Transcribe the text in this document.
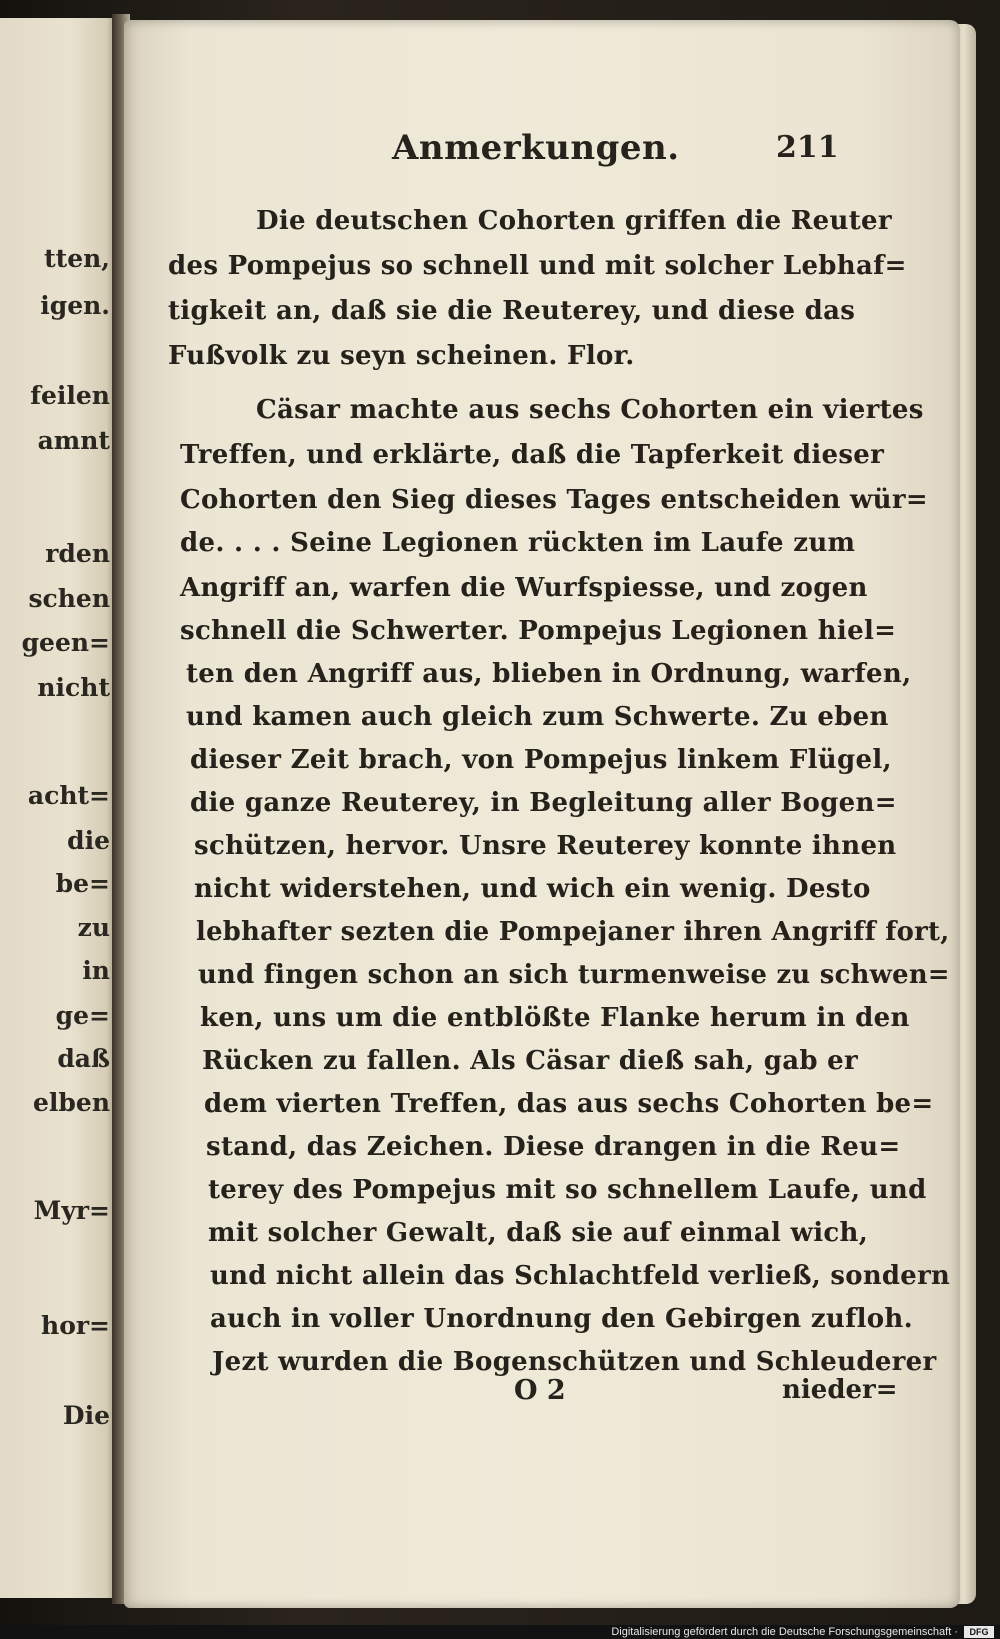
tten,
igen.
feilen
amnt
rden
schen
geen=
nicht
acht=
die
be=
zu
in
ge=
daß
elben
Myr=
hor=
Die
Anmerkungen.	211
Die deutschen Cohorten griffen die Reuter
des Pompejus so schnell und mit solcher Lebhaf=
tigkeit an, daß sie die Reuterey, und diese das
Fußvolk zu seyn scheinen. Flor.
Cäsar machte aus sechs Cohorten ein viertes
Treffen, und erklärte, daß die Tapferkeit dieser
Cohorten den Sieg dieses Tages entscheiden wür=
de. . . . Seine Legionen rückten im Laufe zum
Angriff an, warfen die Wurfspiesse, und zogen
schnell die Schwerter. Pompejus Legionen hiel=
ten den Angriff aus, blieben in Ordnung, warfen,
und kamen auch gleich zum Schwerte. Zu eben
dieser Zeit brach, von Pompejus linkem Flügel,
die ganze Reuterey, in Begleitung aller Bogen=
schützen, hervor. Unsre Reuterey konnte ihnen
nicht widerstehen, und wich ein wenig. Desto
lebhafter sezten die Pompejaner ihren Angriff fort,
und fingen schon an sich turmenweise zu schwen=
ken, uns um die entblößte Flanke herum in den
Rücken zu fallen. Als Cäsar dieß sah, gab er
dem vierten Treffen, das aus sechs Cohorten be=
stand, das Zeichen. Diese drangen in die Reu=
terey des Pompejus mit so schnellem Laufe, und
mit solcher Gewalt, daß sie auf einmal wich,
und nicht allein das Schlachtfeld verließ, sondern
auch in voller Unordnung den Gebirgen zufloh.
Jezt wurden die Bogenschützen und Schleuderer
O 2	nieder=
Digitalisierung gefördert durch die Deutsche Forschungsgemeinschaft ·	DFG
